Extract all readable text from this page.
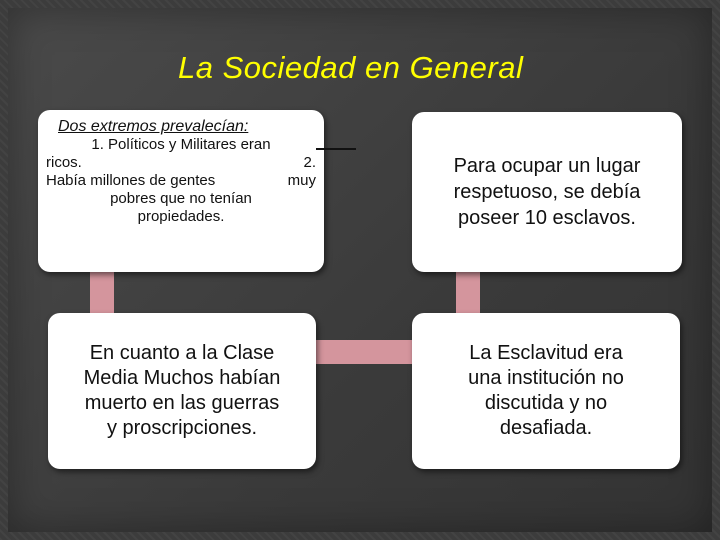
La Sociedad en General
Dos extremos prevalecían:
1. Políticos y Militares eran
ricos.	2.
Había millones de gentes	muy
pobres que no tenían
propiedades.
Para ocupar un lugar
respetuoso, se debía
poseer 10 esclavos.
En cuanto a la Clase
Media Muchos habían
muerto en las guerras
y proscripciones.
La Esclavitud era
una institución no
discutida y no
desafiada.
